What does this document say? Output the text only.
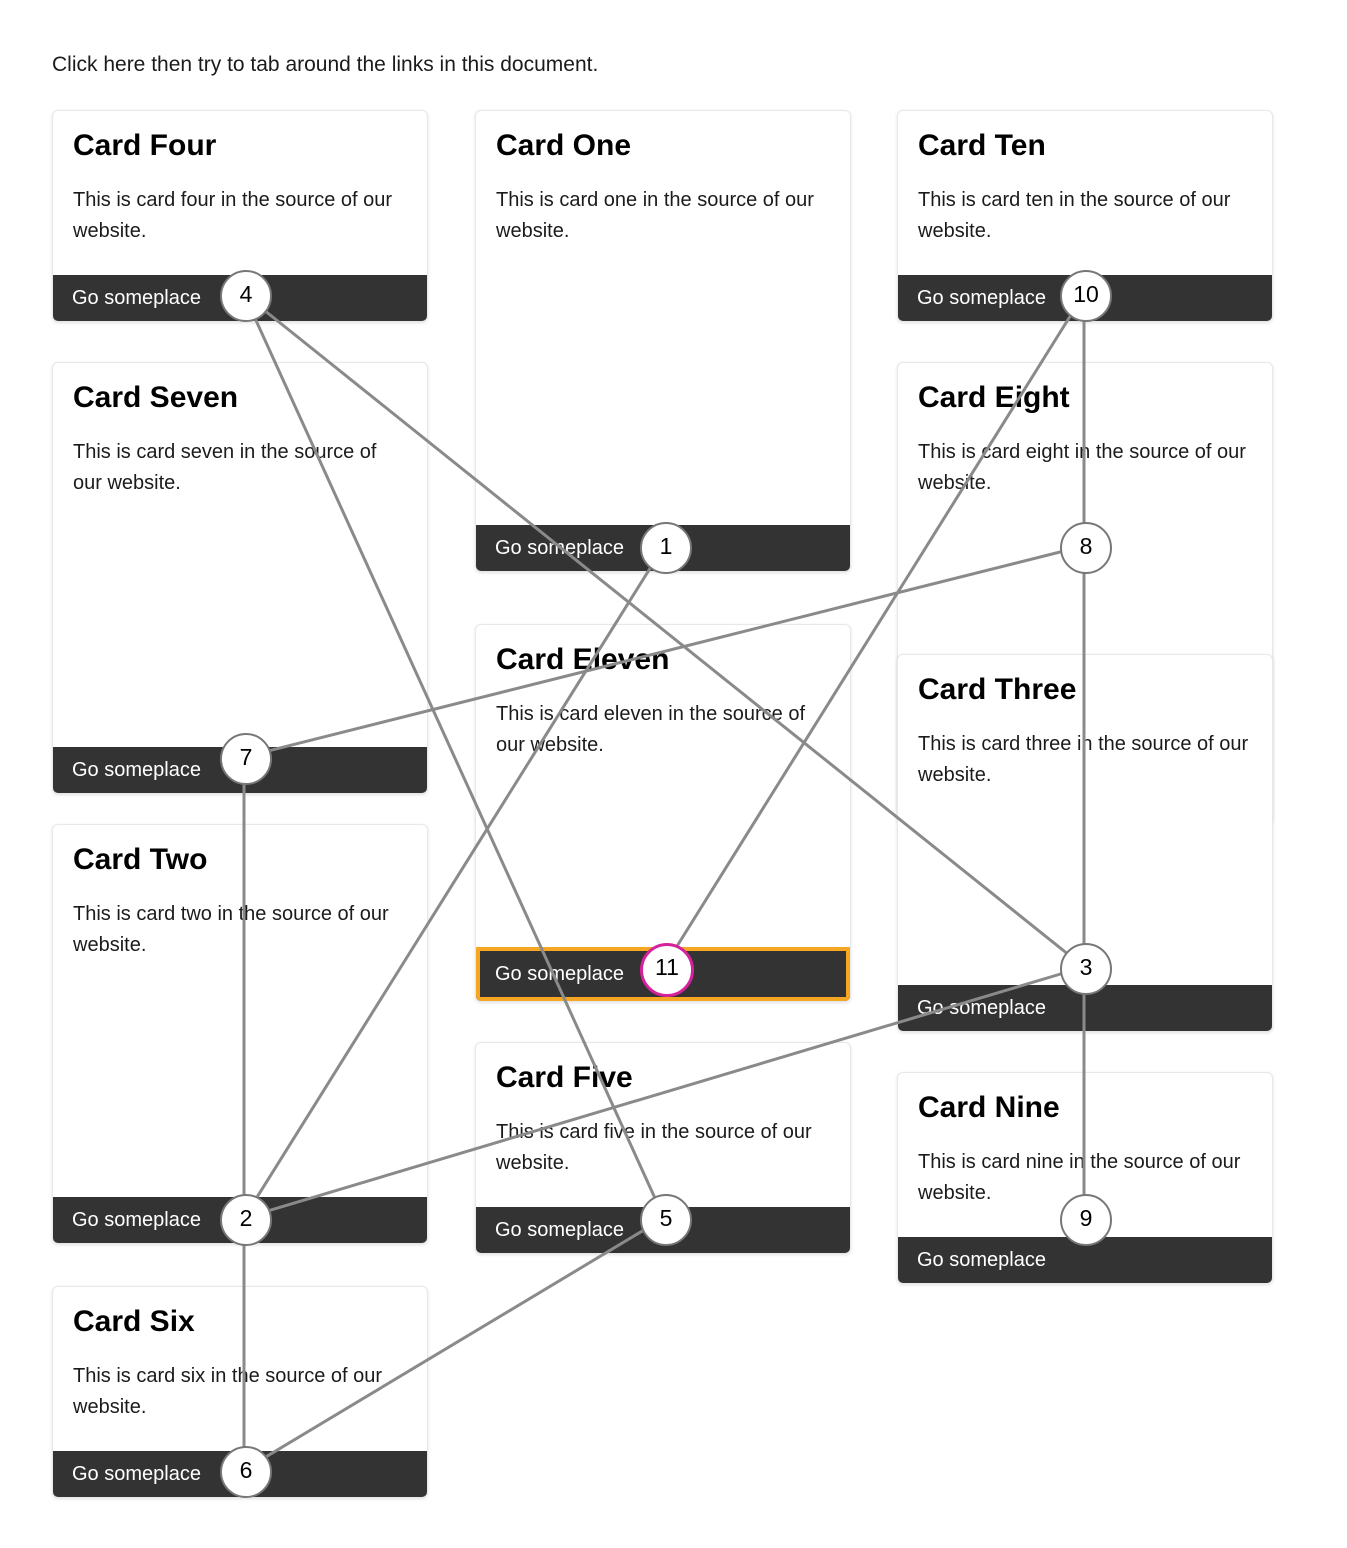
Click here then try to tab around the links in this document.
Card Four

This is card four in the source of our website.

Go someplace
Card Seven

This is card seven in the source of our website.

Go someplace
Card Two

This is card two in the source of our website.

Go someplace
Card Six

This is card six in the source of our website.

Go someplace
Card One

This is card one in the source of our website.

Go someplace
Card Eleven

This is card eleven in the source of our website.

Go someplace
Card Five

This is card five in the source of our website.

Go someplace
Card Ten

This is card ten in the source of our website.

Go someplace
Card Eight

This is card eight in the source of our website.

Card Three

This is card three in the source of our website.

Go someplace
Card Nine

This is card nine in the source of our website.

Go someplace
1
2
3
4
5
6
7
8
9
10
11
